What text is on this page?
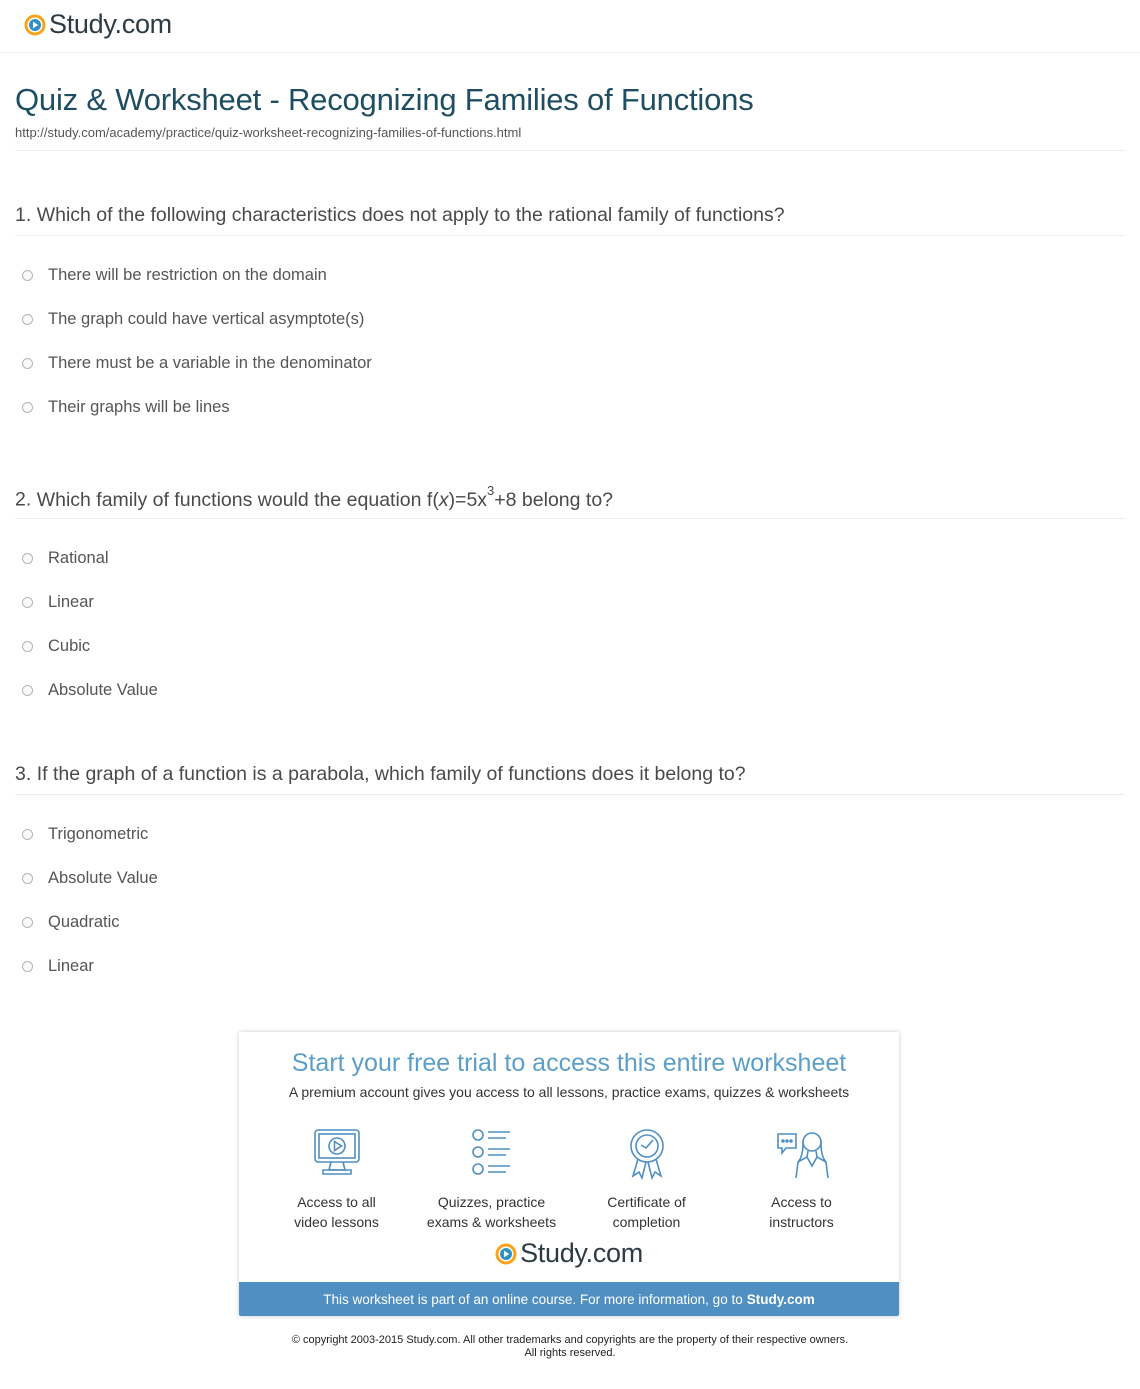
Study.com
Quiz & Worksheet - Recognizing Families of Functions
http://study.com/academy/practice/quiz-worksheet-recognizing-families-of-functions.html
1. Which of the following characteristics does not apply to the rational family of functions?
There will be restriction on the domain
The graph could have vertical asymptote(s)
There must be a variable in the denominator
Their graphs will be lines
2. Which family of functions would the equation $f(x)=5x^3+8$ belong to?
Rational
Linear
Cubic
Absolute Value
3. If the graph of a function is a parabola, which family of functions does it belong to?
Trigonometric
Absolute Value
Quadratic
Linear
Start your free trial to access this entire worksheet
A premium account gives you access to all lessons, practice exams, quizzes & worksheets
Access to all
video lessons
Quizzes, practice
exams & worksheets
Certificate of
completion
Access to
instructors
Study.com
This worksheet is part of an online course. For more information, go to Study.com
© copyright 2003-2015 Study.com. All other trademarks and copyrights are the property of their respective owners.
All rights reserved.
